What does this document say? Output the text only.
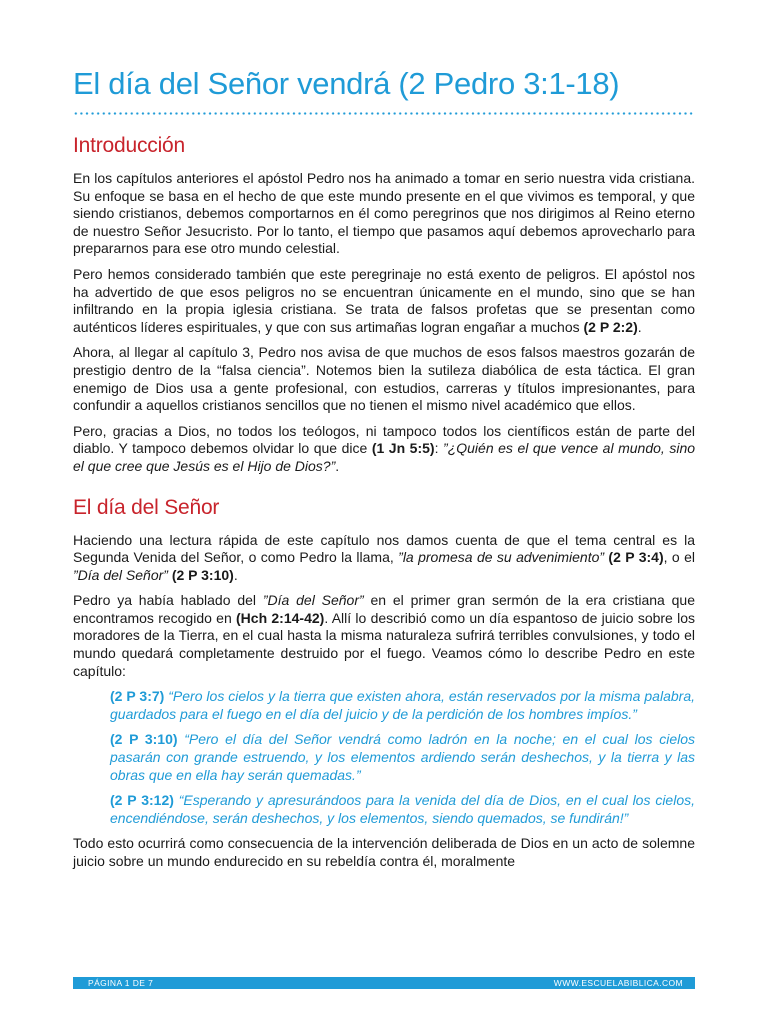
El día del Señor vendrá (2 Pedro 3:1-18)
Introducción

En los capítulos anteriores el apóstol Pedro nos ha animado a tomar en serio nuestra vida cristiana. Su enfoque se basa en el hecho de que este mundo presente en el que vivimos es temporal, y que siendo cristianos, debemos comportarnos en él como peregrinos que nos dirigimos al Reino eterno de nuestro Señor Jesucristo. Por lo tanto, el tiempo que pasamos aquí debemos aprovecharlo para prepararnos para ese otro mundo celestial.

Pero hemos considerado también que este peregrinaje no está exento de peligros. El apóstol nos ha advertido de que esos peligros no se encuentran únicamente en el mundo, sino que se han infiltrando en la propia iglesia cristiana. Se trata de falsos profetas que se presentan como auténticos líderes espirituales, y que con sus artimañas logran engañar a muchos (2 P 2:2).

Ahora, al llegar al capítulo 3, Pedro nos avisa de que muchos de esos falsos maestros gozarán de prestigio dentro de la “falsa ciencia”. Notemos bien la sutileza diabólica de esta táctica. El gran enemigo de Dios usa a gente profesional, con estudios, carreras y títulos impresionantes, para confundir a aquellos cristianos sencillos que no tienen el mismo nivel académico que ellos.

Pero, gracias a Dios, no todos los teólogos, ni tampoco todos los científicos están de parte del diablo. Y tampoco debemos olvidar lo que dice (1 Jn 5:5): ”¿Quién es el que vence al mundo, sino el que cree que Jesús es el Hijo de Dios?”.

El día del Señor

Haciendo una lectura rápida de este capítulo nos damos cuenta de que el tema central es la Segunda Venida del Señor, o como Pedro la llama, ”la promesa de su advenimiento” (2 P 3:4), o el ”Día del Señor” (2 P 3:10).

Pedro ya había hablado del ”Día del Señor” en el primer gran sermón de la era cristiana que encontramos recogido en (Hch 2:14-42). Allí lo describió como un día espantoso de juicio sobre los moradores de la Tierra, en el cual hasta la misma naturaleza sufrirá terribles convulsiones, y todo el mundo quedará completamente destruido por el fuego. Veamos cómo lo describe Pedro en este capítulo:

(2 P 3:7) “Pero los cielos y la tierra que existen ahora, están reservados por la misma palabra, guardados para el fuego en el día del juicio y de la perdición de los hombres impíos.”
(2 P 3:10) “Pero el día del Señor vendrá como ladrón en la noche; en el cual los cielos pasarán con grande estruendo, y los elementos ardiendo serán deshechos, y la tierra y las obras que en ella hay serán quemadas.”
(2 P 3:12) “Esperando y apresurándoos para la venida del día de Dios, en el cual los cielos, encendiéndose, serán deshechos, y los elementos, siendo quemados, se fundirán!”

Todo esto ocurrirá como consecuencia de la intervención deliberada de Dios en un acto de solemne juicio sobre un mundo endurecido en su rebeldía contra él, moralmente

PÁGINA 1 DE 7	WWW.ESCUELABIBLICA.COM
